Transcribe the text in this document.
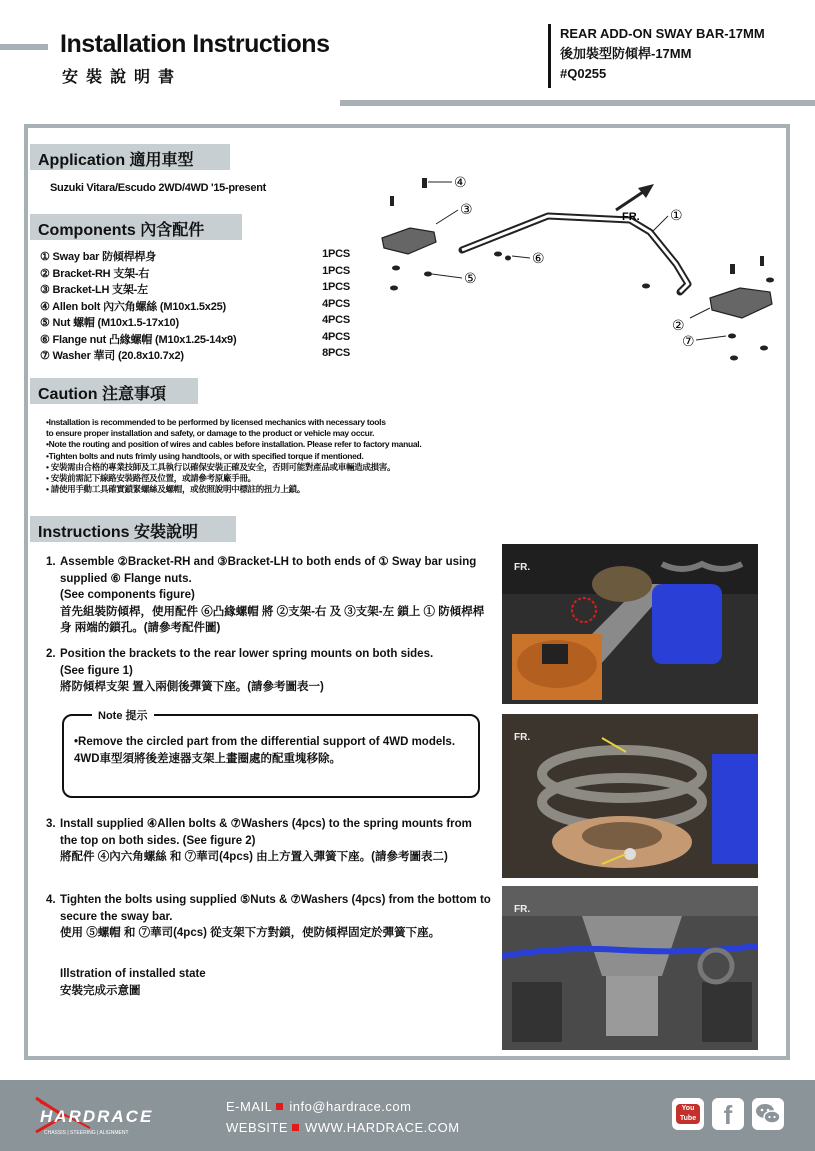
Installation Instructions
安裝說明書
REAR ADD-ON SWAY BAR-17MM
後加裝型防傾桿-17MM
#Q0255
Application 適用車型
Suzuki Vitara/Escudo 2WD/4WD '15-present
Components 內含配件
① Sway bar 防傾桿桿身	1PCS
② Bracket-RH 支架-右	1PCS
③ Bracket-LH 支架-左	1PCS
④ Allen bolt 內六角螺絲 (M10x1.5x25)	4PCS
⑤ Nut 螺帽 (M10x1.5-17x10)	4PCS
⑥ Flange nut 凸緣螺帽 (M10x1.25-14x9)	4PCS
⑦ Washer 華司 (20.8x10.7x2)	8PCS
FR.
④
③
⑤
⑥
①
②
⑦
Caution 注意事項
•Installation is recommended to be performed by licensed mechanics with necessary tools
to ensure proper installation and safety, or damage to the product or vehicle may occur.
•Note the routing and position of wires and cables before installation. Please refer to factory manual.
•Tighten bolts and nuts frimly using handtools, or with specified torque if mentioned.
• 安裝需由合格的專業技師及工具執行以確保安裝正確及安全，否則可能對產品或車輛造成損害。
• 安裝前需記下線路安裝路徑及位置，或請參考原廠手冊。
• 請使用手動工具確實鎖緊螺絲及螺帽，或依照說明中標註的扭力上鎖。
Instructions 安裝說明
1. Assemble ②Bracket-RH and ③Bracket-LH to both ends of ① Sway bar using supplied ⑥ Flange nuts.
(See components figure)
首先組裝防傾桿，使用配件 ⑥凸緣螺帽 將 ②支架-右 及 ③支架-左 鎖上 ① 防傾桿桿身 兩端的鎖孔。(請參考配件圖)
2. Position the brackets to the rear lower spring mounts on both sides.
(See figure 1)
將防傾桿支架 置入兩側後彈簧下座。(請參考圖表一)
3. Install supplied ④Allen bolts & ⑦Washers (4pcs) to the spring mounts from the top on both sides. (See figure 2)
將配件 ④內六角螺絲 和 ⑦華司(4pcs) 由上方置入彈簧下座。(請參考圖表二)
4. Tighten the bolts using supplied ⑤Nuts & ⑦Washers (4pcs) from the bottom to secure the sway bar.
使用 ⑤螺帽 和 ⑦華司(4pcs) 從支架下方對鎖，使防傾桿固定於彈簧下座。
Note 提示
•Remove the circled part from the differential support of 4WD models.
4WD車型須將後差速器支架上畫圈處的配重塊移除。
Illstration of installed state
安裝完成示意圖
FR.
FR.
FR.
HARDRACE
CHASSIS | STEERING | ALIGNMENT
E-MAIL info@hardrace.com
WEBSITE WWW.HARDRACE.COM
You Tube	f
